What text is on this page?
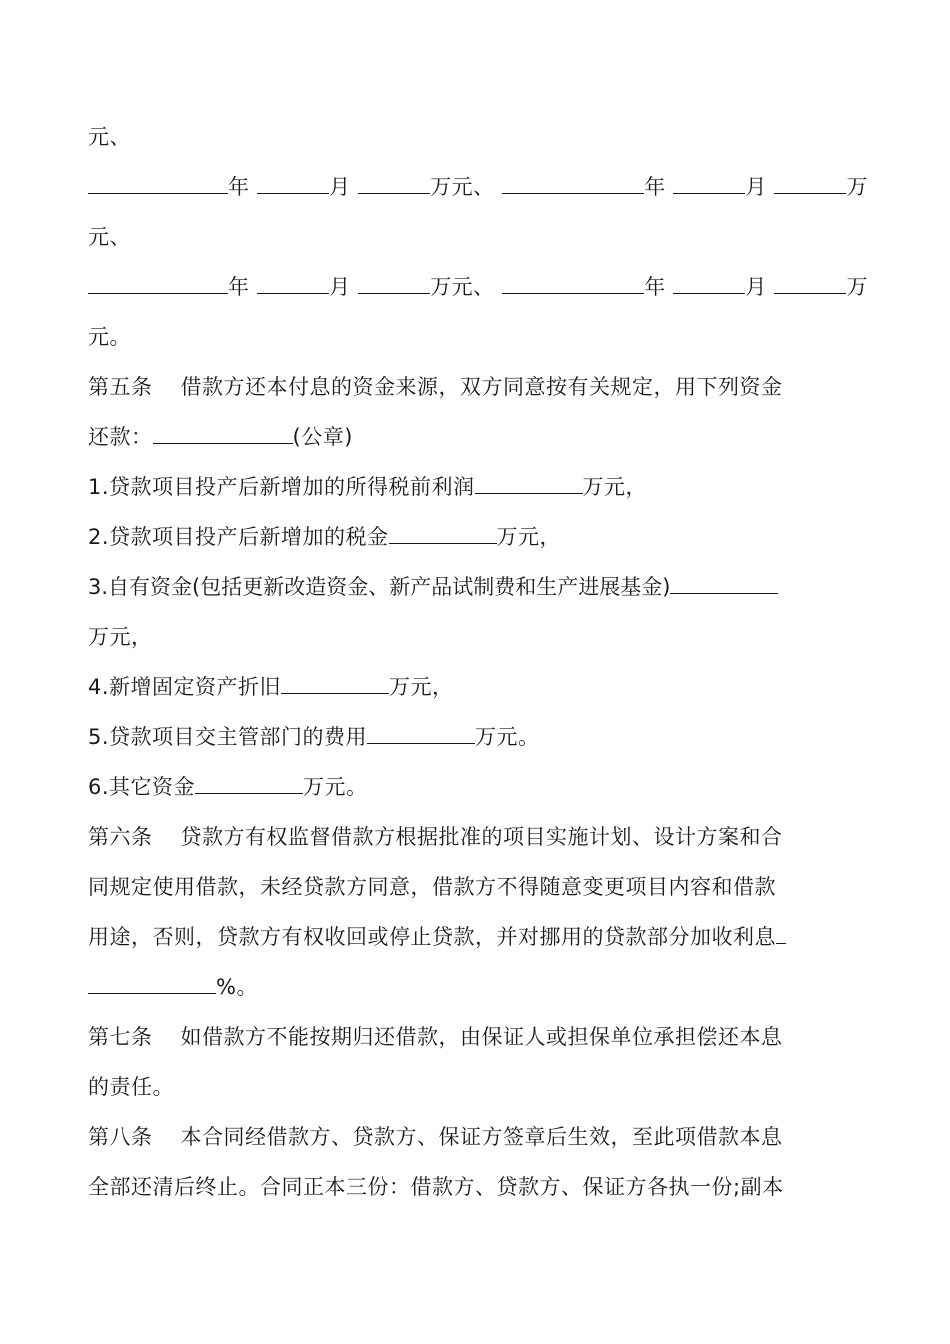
元、
年	月	万元、	年	月	万
元、
年	月	万元、	年	月	万
元。
第五条 借款方还本付息的资金来源，双方同意按有关规定，用下列资金
还款：	(公章)
1.贷款项目投产后新增加的所得税前利润	万元，
2.贷款项目投产后新增加的税金	万元，
3.自有资金(包括更新改造资金、新产品试制费和生产进展基金)
万元，
4.新增固定资产折旧	万元，
5.贷款项目交主管部门的费用	万元。
6.其它资金	万元。
第六条 贷款方有权监督借款方根据批准的项目实施计划、设计方案和合
同规定使用借款，未经贷款方同意，借款方不得随意变更项目内容和借款
用途，否则，贷款方有权收回或停止贷款，并对挪用的贷款部分加收利息
%。
第七条 如借款方不能按期归还借款，由保证人或担保单位承担偿还本息
的责任。
第八条 本合同经借款方、贷款方、保证方签章后生效，至此项借款本息
全部还清后终止。合同正本三份：借款方、贷款方、保证方各执一份;副本
